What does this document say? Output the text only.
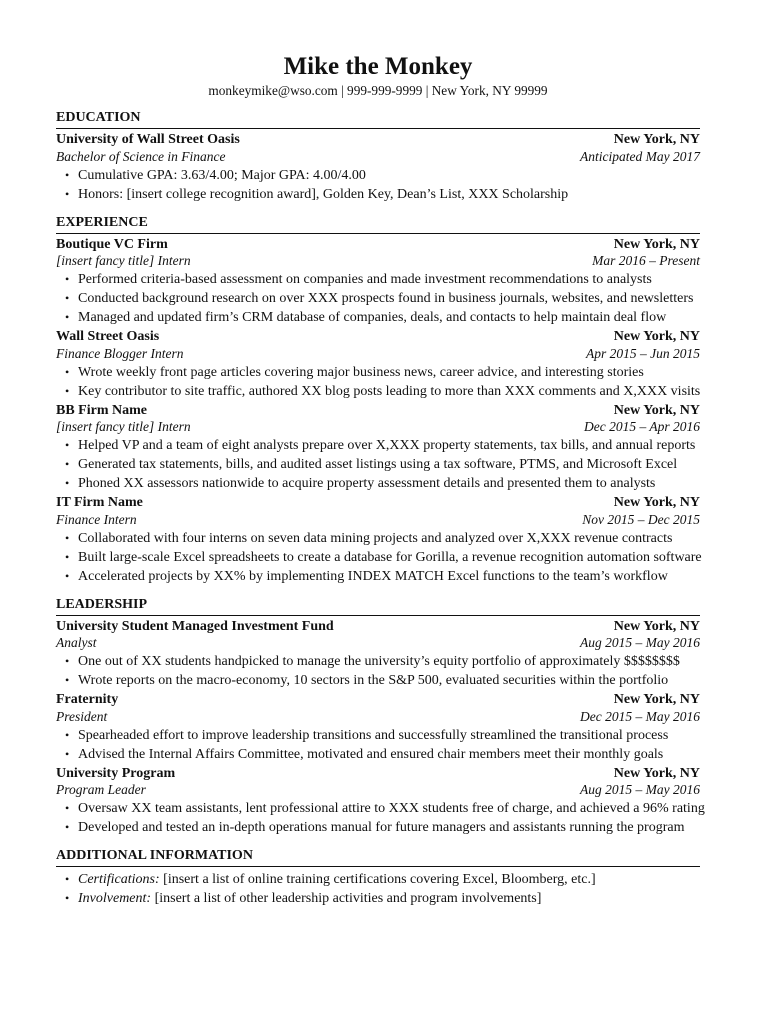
Mike the Monkey
monkeymike@wso.com | 999-999-9999 | New York, NY 99999
EDUCATION
University of Wall Street Oasis	New York, NY
Bachelor of Science in Finance	Anticipated May 2017
• Cumulative GPA: 3.63/4.00; Major GPA: 4.00/4.00
• Honors: [insert college recognition award], Golden Key, Dean’s List, XXX Scholarship
EXPERIENCE
Boutique VC Firm	New York, NY
[insert fancy title] Intern	Mar 2016 – Present
• Performed criteria-based assessment on companies and made investment recommendations to analysts
• Conducted background research on over XXX prospects found in business journals, websites, and newsletters
• Managed and updated firm’s CRM database of companies, deals, and contacts to help maintain deal flow
Wall Street Oasis	New York, NY
Finance Blogger Intern	Apr 2015 – Jun 2015
• Wrote weekly front page articles covering major business news, career advice, and interesting stories
• Key contributor to site traffic, authored XX blog posts leading to more than XXX comments and X,XXX visits
BB Firm Name	New York, NY
[insert fancy title] Intern	Dec 2015 – Apr 2016
• Helped VP and a team of eight analysts prepare over X,XXX property statements, tax bills, and annual reports
• Generated tax statements, bills, and audited asset listings using a tax software, PTMS, and Microsoft Excel
• Phoned XX assessors nationwide to acquire property assessment details and presented them to analysts
IT Firm Name	New York, NY
Finance Intern	Nov 2015 – Dec 2015
• Collaborated with four interns on seven data mining projects and analyzed over X,XXX revenue contracts
• Built large-scale Excel spreadsheets to create a database for Gorilla, a revenue recognition automation software
• Accelerated projects by XX% by implementing INDEX MATCH Excel functions to the team’s workflow
LEADERSHIP
University Student Managed Investment Fund	New York, NY
Analyst	Aug 2015 – May 2016
• One out of XX students handpicked to manage the university’s equity portfolio of approximately $$$$$$$$
• Wrote reports on the macro-economy, 10 sectors in the S&P 500, evaluated securities within the portfolio
Fraternity	New York, NY
President	Dec 2015 – May 2016
• Spearheaded effort to improve leadership transitions and successfully streamlined the transitional process
• Advised the Internal Affairs Committee, motivated and ensured chair members meet their monthly goals
University Program	New York, NY
Program Leader	Aug 2015 – May 2016
• Oversaw XX team assistants, lent professional attire to XXX students free of charge, and achieved a 96% rating
• Developed and tested an in-depth operations manual for future managers and assistants running the program
ADDITIONAL INFORMATION
• Certifications: [insert a list of online training certifications covering Excel, Bloomberg, etc.]
• Involvement: [insert a list of other leadership activities and program involvements]
